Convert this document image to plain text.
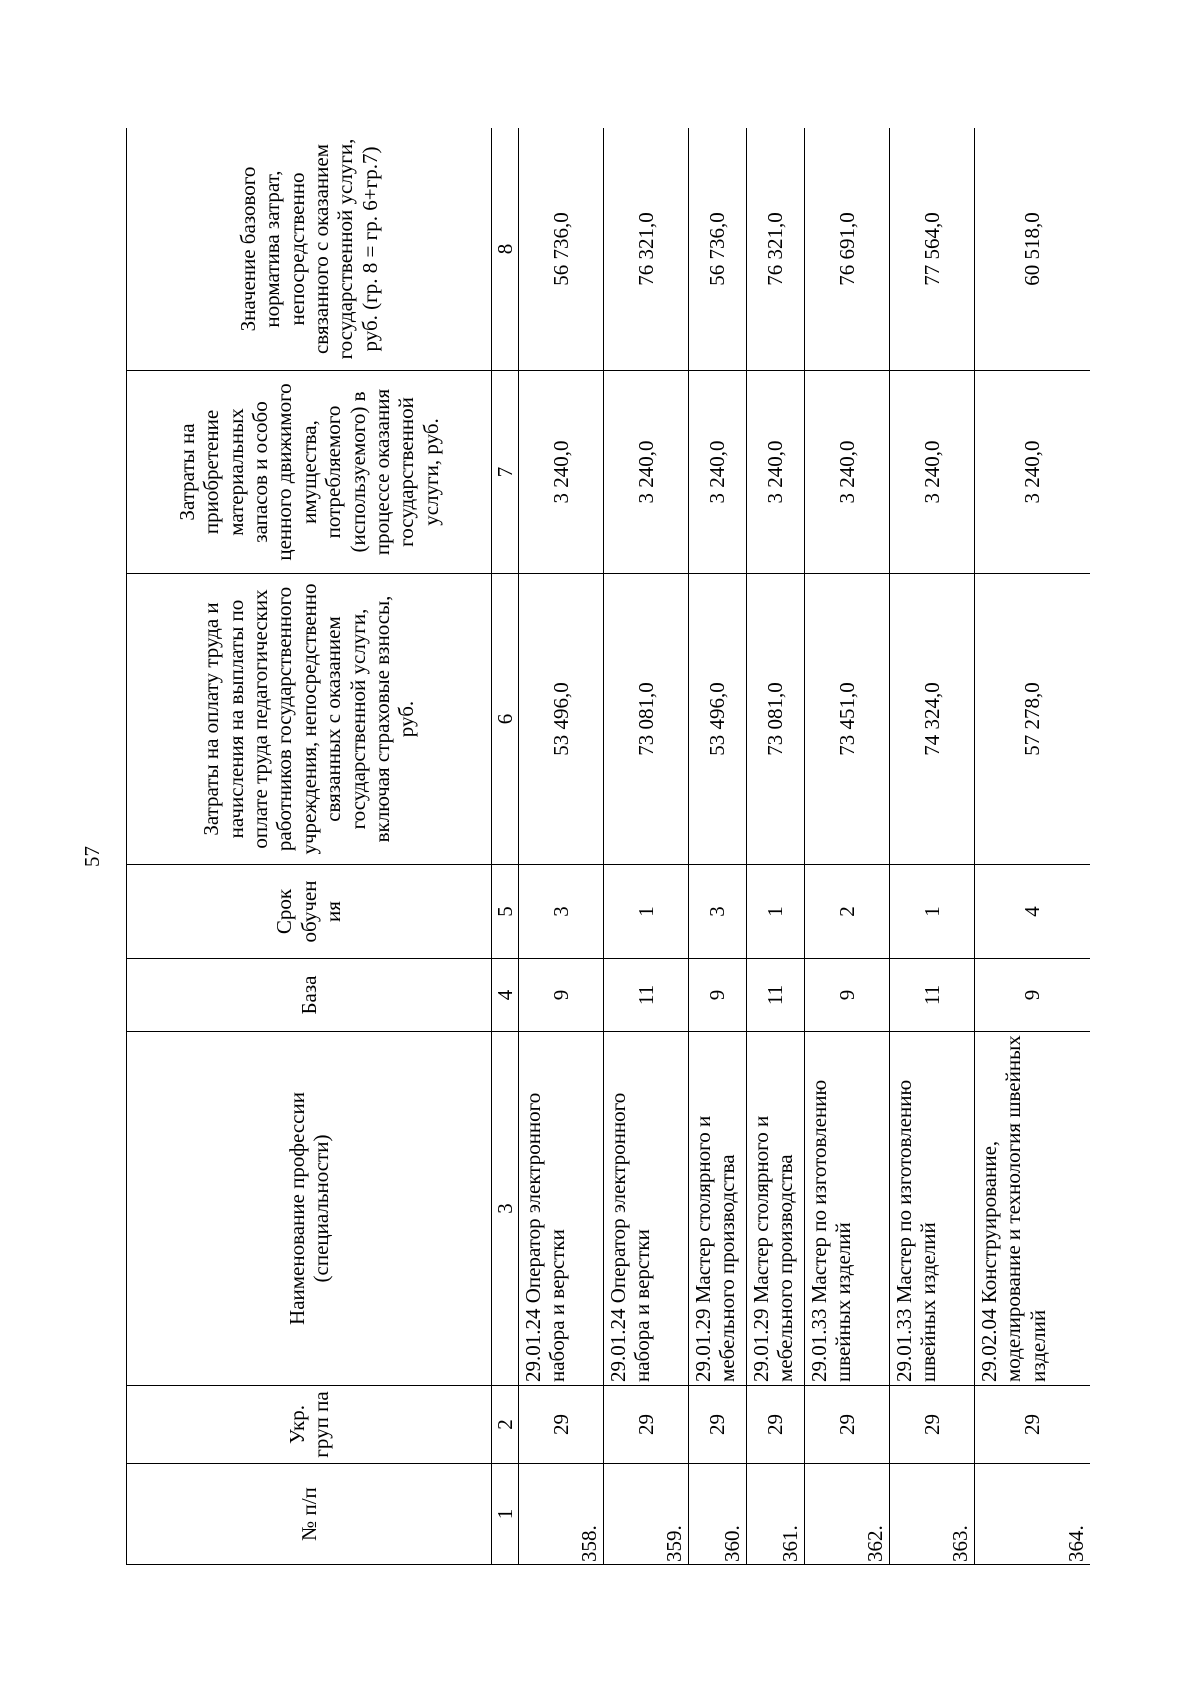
57
№ п/п	Укр. груп па	Наименование профессии (специальности)	База	Срок обучен ия	Затраты на оплату труда и начисления на выплаты по оплате труда педагогических работников государственного учреждения, непосредственно связанных с оказанием государственной услуги, включая страховые взносы, руб.	Затраты на приобретение материальных запасов и особо ценного движимого имущества, потребляемого (используемого) в процессе оказания государственной услуги, руб.	Значение базового норматива затрат, непосредственно связанного с оказанием государственной услуги, руб. (гр. 8 = гр. 6+гр.7)

1	2	3	4	5	6	7	8

358.	29	29.01.24 Оператор электронного набора и верстки	9	3	53 496,0	3 240,0	56 736,0

359.	29	29.01.24 Оператор электронного набора и верстки	11	1	73 081,0	3 240,0	76 321,0

360.	29	29.01.29 Мастер столярного и мебельного производства	9	3	53 496,0	3 240,0	56 736,0

361.	29	29.01.29 Мастер столярного и мебельного производства	11	1	73 081,0	3 240,0	76 321,0

362.	29	29.01.33 Мастер по изготовлению швейных изделий	9	2	73 451,0	3 240,0	76 691,0

363.	29	29.01.33 Мастер по изготовлению швейных изделий	11	1	74 324,0	3 240,0	77 564,0

364.	29	29.02.04 Конструирование, моделирование и технология швейных изделий	9	4	57 278,0	3 240,0	60 518,0
